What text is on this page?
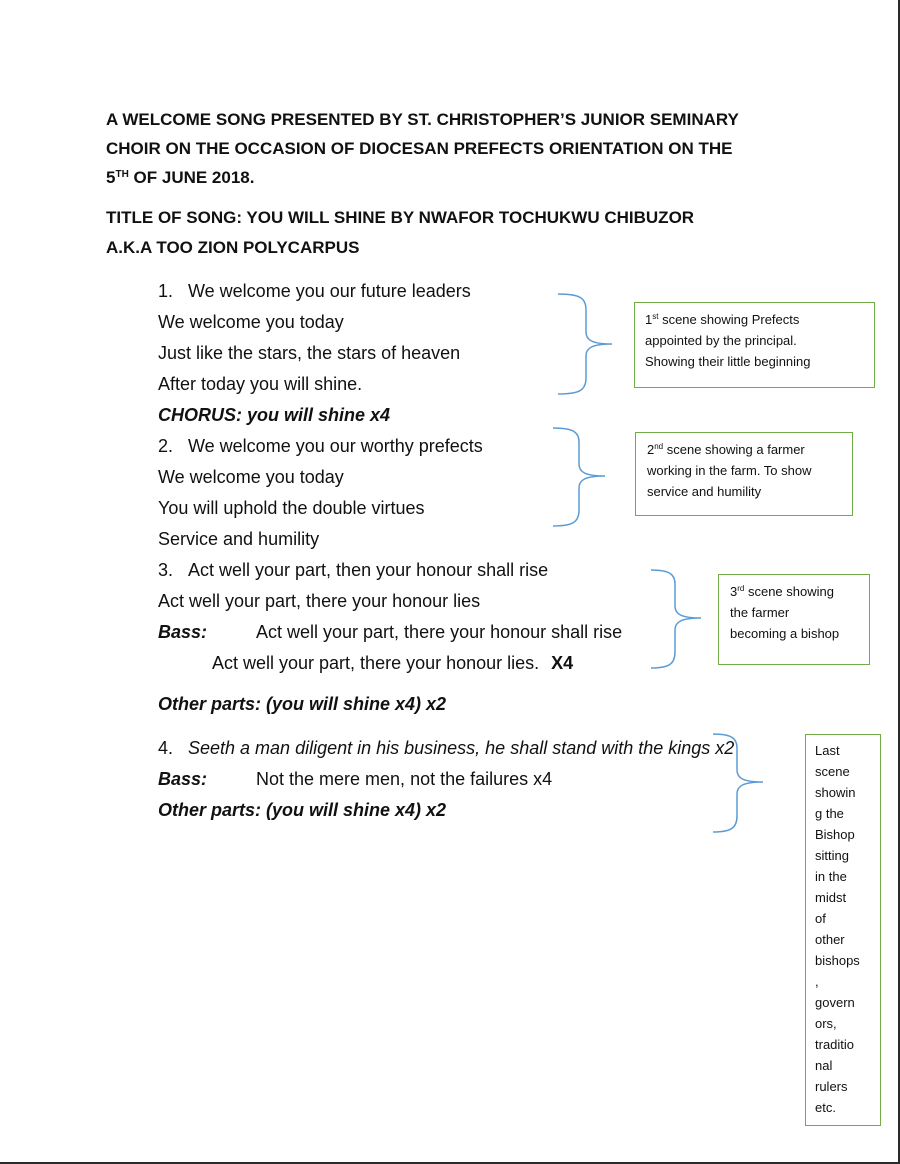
A WELCOME SONG PRESENTED BY ST. CHRISTOPHER’S JUNIOR SEMINARY
CHOIR ON THE OCCASION OF DIOCESAN PREFECTS ORIENTATION ON THE
5TH OF JUNE 2018.
TITLE OF SONG: YOU WILL SHINE BY NWAFOR TOCHUKWU CHIBUZOR
A.K.A TOO ZION POLYCARPUS
1. We welcome you our future leaders
We welcome you today
Just like the stars, the stars of heaven
After today you will shine.
CHORUS: you will shine x4
2. We welcome you our worthy prefects
We welcome you today
You will uphold the double virtues
Service and humility
3. Act well your part, then your honour shall rise
Act well your part, there your honour lies
Bass:	Act well your part, there your honour shall rise
Act well your part, there your honour lies. X4
Other parts: (you will shine x4) x2
4. Seeth a man diligent in his business, he shall stand with the kings x2
Bass:	Not the mere men, not the failures x4
Other parts: (you will shine x4) x2
1st scene showing Prefects
appointed by the principal.
Showing their little beginning
2nd scene showing a farmer
working in the farm. To show
service and humility
3rd scene showing
the farmer
becoming a bishop
Last
scene
showin
g the
Bishop
sitting
in the
midst
of
other
bishops
,
govern
ors,
traditio
nal
rulers
etc.
